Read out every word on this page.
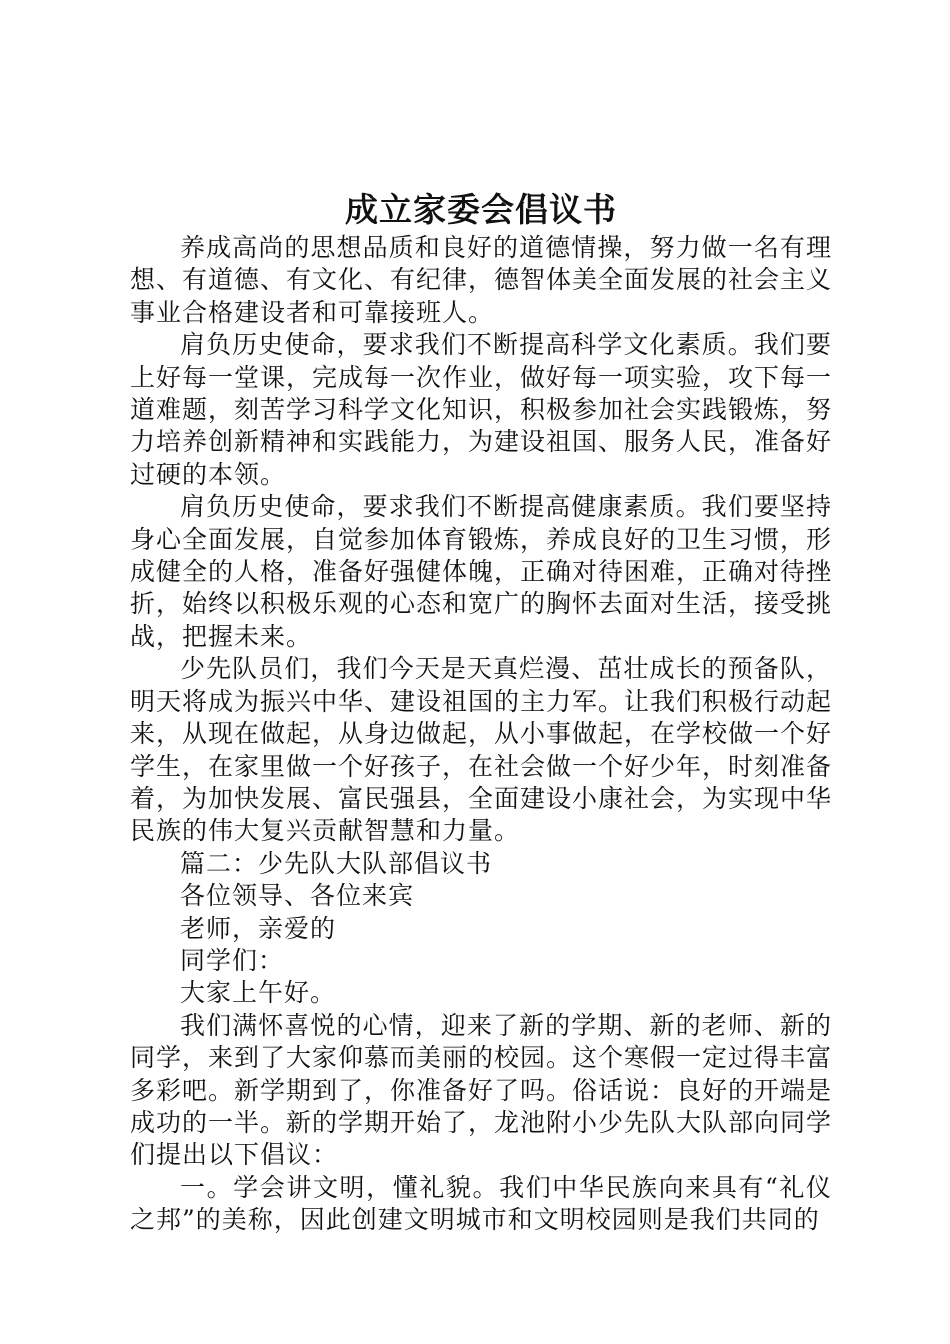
成立家委会倡议书

养成高尚的思想品质和良好的道德情操，努力做一名有理想、有道德、有文化、有纪律，德智体美全面发展的社会主义事业合格建设者和可靠接班人。

肩负历史使命，要求我们不断提高科学文化素质。我们要上好每一堂课，完成每一次作业，做好每一项实验，攻下每一道难题，刻苦学习科学文化知识，积极参加社会实践锻炼，努力培养创新精神和实践能力，为建设祖国、服务人民，准备好过硬的本领。

肩负历史使命，要求我们不断提高健康素质。我们要坚持身心全面发展，自觉参加体育锻炼，养成良好的卫生习惯，形成健全的人格，准备好强健体魄，正确对待困难，正确对待挫折，始终以积极乐观的心态和宽广的胸怀去面对生活，接受挑战，把握未来。

少先队员们，我们今天是天真烂漫、茁壮成长的预备队，明天将成为振兴中华、建设祖国的主力军。让我们积极行动起来，从现在做起，从身边做起，从小事做起，在学校做一个好学生，在家里做一个好孩子，在社会做一个好少年，时刻准备着，为加快发展、富民强县，全面建设小康社会，为实现中华民族的伟大复兴贡献智慧和力量。

篇二：少先队大队部倡议书

各位领导、各位来宾

老师，亲爱的

同学们：

大家上午好。

我们满怀喜悦的心情，迎来了新的学期、新的老师、新的同学，来到了大家仰慕而美丽的校园。这个寒假一定过得丰富多彩吧。新学期到了，你准备好了吗。俗话说：良好的开端是成功的一半。新的学期开始了，龙池附小少先队大队部向同学们提出以下倡议：

一。学会讲文明，懂礼貌。我们中华民族向来具有“礼仪之邦”的美称，因此创建文明城市和文明校园则是我们共同的
